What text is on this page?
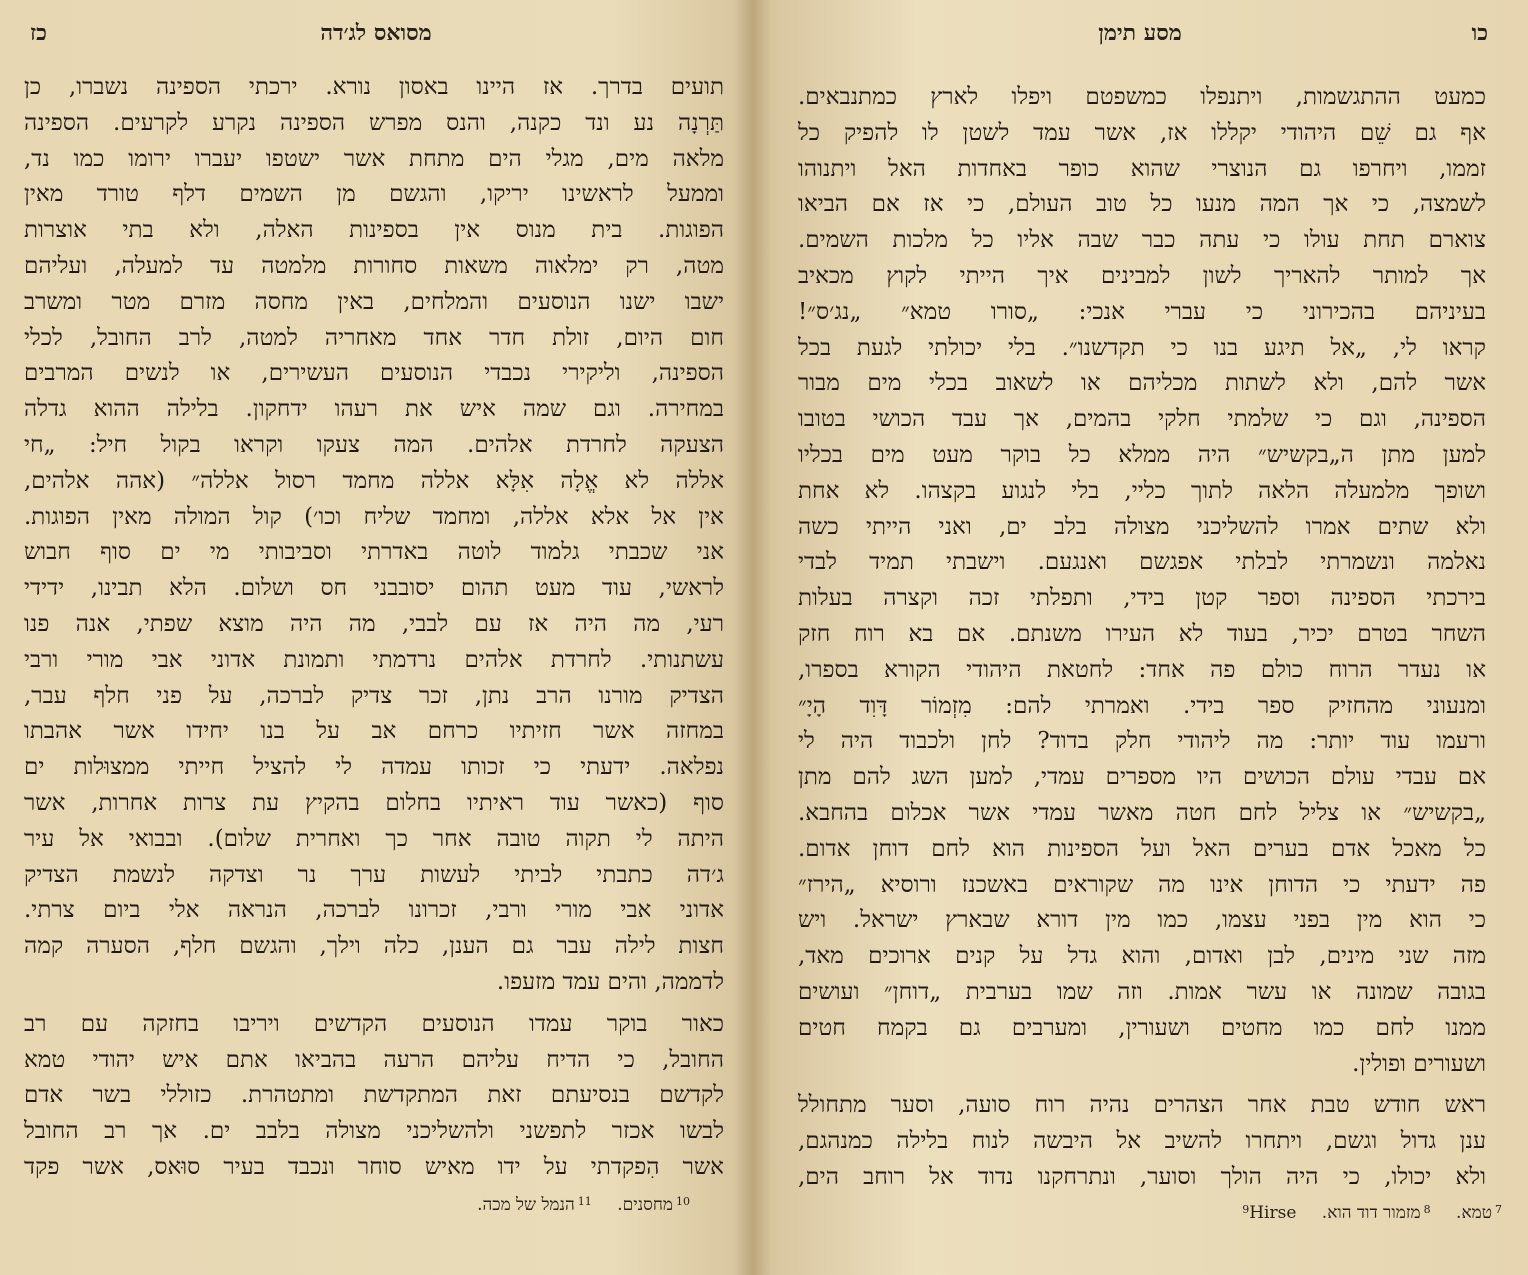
כז	מסואס לג׳דה
תועים בדרך. אז היינו באסון נורא. ירכתי הספינה נשברו, כן
תַּרְנָה נע ונד כקנה, והנס מפרש הספינה נקרע לקרעים. הספינה
מלאה מים, מגלי הים מתחת אשר ישטפו יעברו ירומו כמו נד,
וממעל לראשינו יריקו, והגשם מן השמים דלף טורד מאין
הפוגות. בית מנוס אין בספינות האלה, ולא בתי אוצרות
מטה, רק ימלאוה משאות סחורות מלמטה עד למעלה, ועליהם
ישבו ישנו הנוסעים והמלחים, באין מחסה מזרם מטר ומשרב
חום היום, זולת חדר אחד מאחריה למטה, לרב החובל, לכלי
הספינה, וליקירי נכבדי הנוסעים העשירים, או לנשים המרבים
במחירה. וגם שמה איש את רעהו ידחקון. בלילה ההוא גדלה
הצעקה לחרדת אלהים. המה צעקו וקראו בקול חיל: „חי
אללה לא אֱלָה אִלָּא אללה מחמד רסול אללה״ (אהה אלהים,
אין אל אלא אללה, ומחמד שליח וכו׳) קול המולה מאין הפוגות.
אני שכבתי גלמוד לוטה באדרתי וסביבותי מי ים סוף חבוש
לראשי, עוד מעט תהום יסובבני חס ושלום. הלא תבינו, ידידי
רעי, מה היה אז עם לבבי, מה היה מוצא שפתי, אנה פנו
עשתנותי. לחרדת אלהים נרדמתי ותמונת אדוני אבי מורי ורבי
הצדיק מורנו הרב נתן, זכר צדיק לברכה, על פני חלף עבר,
במחזה אשר חזיתיו כרחם אב על בנו יחידו אשר אהבתו
נפלאה. ידעתי כי זכותו עמדה לי להציל חייתי ממצוּלות ים
סוף (כאשר עוד ראיתיו בחלום בהקיץ עת צרות אחרות, אשר
היתה לי תקוה טובה אחר כך ואחרית שלום). ובבואי אל עיר
ג׳דה כתבתי לביתי לעשות ערך נר וצדקה לנשמת הצדיק
אדוני אבי מורי ורבי, זכרונו לברכה, הנראה אלי ביום צרתי.
חצות לילה עבר גם הענן, כלה וילך, והגשם חלף, הסערה קמה
לדממה, והים עמד מזעפו.
כאור בוקר עמדו הנוסעים הקדשים ויריבו בחזקה עם רב
החובל, כי הדיח עליהם הרעה בהביאו אתם איש יהודי טמא
לקדשם בנסיעתם זאת המתקדשת ומתטהרת. כזוללי בשר אדם
לבשו אכזר לתפשני ולהשליכני מצולה בלבב ים. אך רב החובל
אשר הִפקדתי על ידו מאיש סוחר ונכבד בעיר סוּאס, אשר פקד
$^{10}$מחסנים. $^{11}$הנמל של מכה.
כו
מסע תימן
כמעט ההתגשמות, ויתנפלו כמשפטם ויפלו לארץ כמתנבאים.
אף גם שֵׁם היהודי יקללו אז, אשר עמד לשטן לו להפיק כל
זממו, ויחרפו גם הנוצרי שהוא כופר באחדות האל ויתנוהו
לשמצה, כי אך המה מנעו כל טוב העולם, כי אז אם הביאו
צוארם תחת עולו כי עתה כבר שבה אליו כל מלכות השמים.
אך למותר להאריך לשון למבינים איך הייתי לקוץ מכאיב
בעיניהם בהכירוני כי עברי אנכי: „סורו טמא״ „נג׳ס״!
קראו לי, „אל תיגע בנו כי תקדשנו״. בלי יכולתי לגעת בכל
אשר להם, ולא לשתות מכליהם או לשאוב בכלי מים מבור
הספינה, וגם כי שלמתי חלקי בהמים, אך עבד הכושי בטובו
למען מתן ה„בקשיש״ היה ממלא כל בוקר מעט מים בכליו
ושופך מלמעלה הלאה לתוך כליי, בלי לנגוע בקצהו. לא אחת
ולא שתים אמרו להשליכני מצולה בלב ים, ואני הייתי כשה
נאלמה ונשמרתי לבלתי אפגשם ואנגעם. וישבתי תמיד לבדי
בירכתי הספינה וספר קטן בידי, ותפלתי זכה וקצרה בעלות
השחר בטרם יכיר, בעוד לא העירו משנתם. אם בא רוח חזק
או נעדר הרוח כולם פה אחד: לחטאת היהודי הקורא בספרו,
ומנעוני מהחזיק ספר בידי. ואמרתי להם: מִזְמוֹר דָּוִד הָיָ״
ורעמו עוד יותר: מה ליהודי חלק בדוד? לחן ולכבוד היה לי
אם עבדי עולם הכושים היו מספרים עמדי, למען השג להם מתן
„בקשיש״ או צליל לחם חטה מאשר עמדי אשר אכלום בהחבא.
כל מאכל אדם בערים האל ועל הספינות הוא לחם דוחן אדום.
פה ידעתי כי הדוחן אינו מה שקוראים באשכנז ורוסיא „הירז״
כי הוא מין בפני עצמו, כמו מין דורא שבארץ ישראל. ויש
מזה שני מינים, לבן ואדום, והוא גדל על קנים ארוכים מאד,
בגובה שמונה או עשר אמות. וזה שמו בערבית „דוחן״ ועושים
ממנו לחם כמו מחטים ושעורין, ומערבים גם בקמח חטים
ושעורים ופולין.
ראש חודש טבת אחר הצהרים נהיה רוח סועה, וסער מתחולל
ענן גדול וגשם, ויתחרו להשיב אל היבשה לנוח בלילה כמנהגם,
ולא יכולו, כי היה הולך וסוער, ונתרחקנו נדוד אל רוחב הים,
$^7$טמא. $^8$מזמור דוד הוא. $^9$Hirse
